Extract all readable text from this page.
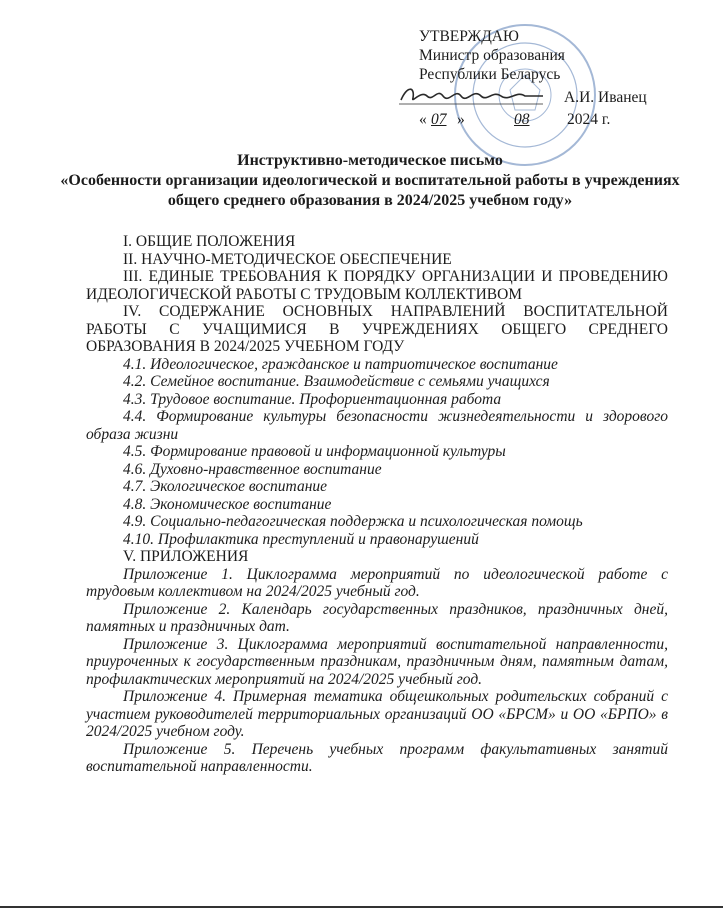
УТВЕРЖДАЮ
Министр образования
Республики Беларусь
А.И. Иванец
« 07 »	08 2024 г.
Инструктивно-методическое письмо
«Особенности организации идеологической и воспитательной работы в учреждениях общего среднего образования в 2024/2025 учебном году»

I. ОБЩИЕ ПОЛОЖЕНИЯ

II. НАУЧНО-МЕТОДИЧЕСКОЕ ОБЕСПЕЧЕНИЕ

III. ЕДИНЫЕ ТРЕБОВАНИЯ К ПОРЯДКУ ОРГАНИЗАЦИИ И ПРОВЕДЕНИЮ ИДЕОЛОГИЧЕСКОЙ РАБОТЫ С ТРУДОВЫМ КОЛЛЕКТИВОМ

IV. СОДЕРЖАНИЕ ОСНОВНЫХ НАПРАВЛЕНИЙ ВОСПИТАТЕЛЬНОЙ РАБОТЫ С УЧАЩИМИСЯ В УЧРЕЖДЕНИЯХ ОБЩЕГО СРЕДНЕГО ОБРАЗОВАНИЯ В 2024/2025 УЧЕБНОМ ГОДУ

4.1. Идеологическое, гражданское и патриотическое воспитание

4.2. Семейное воспитание. Взаимодействие с семьями учащихся

4.3. Трудовое воспитание. Профориентационная работа

4.4. Формирование культуры безопасности жизнедеятельности и здорового образа жизни

4.5. Формирование правовой и информационной культуры

4.6. Духовно-нравственное воспитание

4.7. Экологическое воспитание

4.8. Экономическое воспитание

4.9. Социально-педагогическая поддержка и психологическая помощь

4.10. Профилактика преступлений и правонарушений

V. ПРИЛОЖЕНИЯ

Приложение 1. Циклограмма мероприятий по идеологической работе с трудовым коллективом на 2024/2025 учебный год.

Приложение 2. Календарь государственных праздников, праздничных дней, памятных и праздничных дат.

Приложение 3. Циклограмма мероприятий воспитательной направленности, приуроченных к государственным праздникам, праздничным дням, памятным датам, профилактических мероприятий на 2024/2025 учебный год.

Приложение 4. Примерная тематика общешкольных родительских собраний с участием руководителей территориальных организаций ОО «БРСМ» и ОО «БРПО» в 2024/2025 учебном году.

Приложение 5. Перечень учебных программ факультативных занятий воспитательной направленности.
